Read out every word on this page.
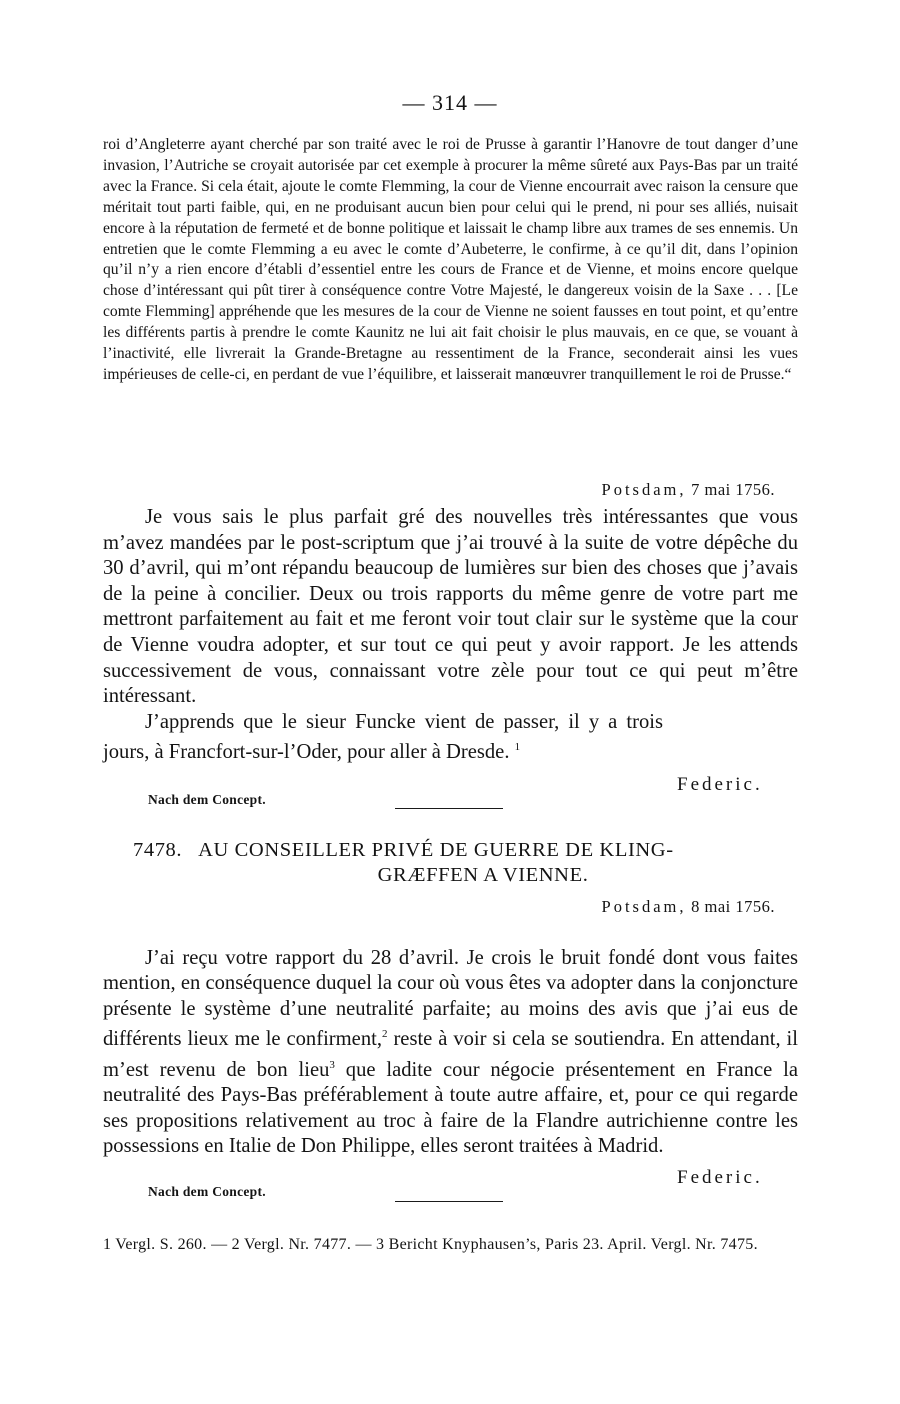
— 314 —

roi d’Angleterre ayant cherché par son traité avec le roi de Prusse à garantir l’Hanovre de tout danger d’une invasion, l’Autriche se croyait autorisée par cet exemple à procurer la même sûreté aux Pays-Bas par un traité avec la France. Si cela était, ajoute le comte Flemming, la cour de Vienne encourrait avec raison la censure que méritait tout parti faible, qui, en ne produisant aucun bien pour celui qui le prend, ni pour ses alliés, nuisait encore à la réputation de fermeté et de bonne politique et laissait le champ libre aux trames de ses ennemis. Un entretien que le comte Flemming a eu avec le comte d’Aubeterre, le confirme, à ce qu’il dit, dans l’opinion qu’il n’y a rien encore d’établi d’essentiel entre les cours de France et de Vienne, et moins encore quelque chose d’intéressant qui pût tirer à conséquence contre Votre Majesté, le dangereux voisin de la Saxe . . . [Le comte Flemming] appréhende que les mesures de la cour de Vienne ne soient fausses en tout point, et qu’entre les différents partis à prendre le comte Kaunitz ne lui ait fait choisir le plus mauvais, en ce que, se vouant à l’inactivité, elle livrerait la Grande-Bretagne au ressentiment de la France, seconderait ainsi les vues impérieuses de celle-ci, en perdant de vue l’équilibre, et laisserait manœuvrer tranquillement le roi de Prusse.“

Potsdam, 7 mai 1756.

Je vous sais le plus parfait gré des nouvelles très intéressantes que vous m’avez mandées par le post-scriptum que j’ai trouvé à la suite de votre dépêche du 30 d’avril, qui m’ont répandu beaucoup de lumières sur bien des choses que j’avais de la peine à concilier. Deux ou trois rapports du même genre de votre part me mettront parfaitement au fait et me feront voir tout clair sur le système que la cour de Vienne voudra adopter, et sur tout ce qui peut y avoir rapport. Je les attends successivement de vous, connaissant votre zèle pour tout ce qui peut m’être intéressant.

J’apprends que le sieur Funcke vient de passer, il y a trois jours, à Francfort-sur-l’Oder, pour aller à Dresde. $^1$

Federic.
Nach dem Concept.
7478. AU CONSEILLER PRIVÉ DE GUERRE DE KLING-
GRÆFFEN A VIENNE.
Potsdam, 8 mai 1756.

J’ai reçu votre rapport du 28 d’avril. Je crois le bruit fondé dont vous faites mention, en conséquence duquel la cour où vous êtes va adopter dans la conjoncture présente le système d’une neutralité parfaite; au moins des avis que j’ai eus de différents lieux me le confirment,$^2$ reste à voir si cela se soutiendra. En attendant, il m’est revenu de bon lieu$^3$ que ladite cour négocie présentement en France la neutralité des Pays-Bas préférablement à toute autre affaire, et, pour ce qui regarde ses propositions relativement au troc à faire de la Flandre autrichienne contre les possessions en Italie de Don Philippe, elles seront traitées à Madrid.

Federic.
Nach dem Concept.

1 Vergl. S. 260. — 2 Vergl. Nr. 7477. — 3 Bericht Knyphausen’s, Paris 23. April. Vergl. Nr. 7475.
